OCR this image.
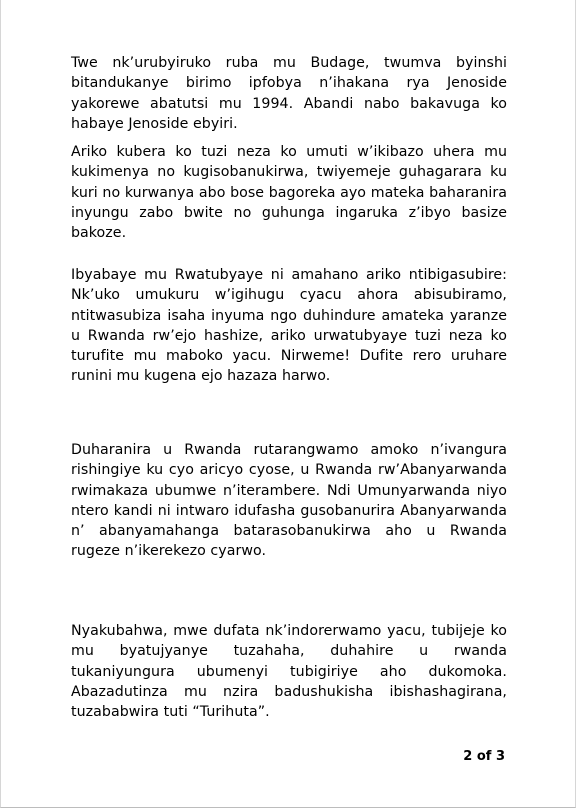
Twe nk’urubyiruko ruba mu Budage, twumva byinshi bitandukanye birimo ipfobya n’ihakana rya Jenoside yakorewe abatutsi mu 1994. Abandi nabo bakavuga ko habaye Jenoside ebyiri.

Ariko kubera ko tuzi neza ko umuti w’ikibazo uhera mu kukimenya no kugisobanukirwa, twiyemeje guhagarara ku kuri no kurwanya abo bose bagoreka ayo mateka baharanira inyungu zabo bwite no guhunga ingaruka z’ibyo basize bakoze.

Ibyabaye mu Rwatubyaye ni amahano ariko ntibigasubire: Nk’uko umukuru w’igihugu cyacu ahora abisubiramo, ntitwasubiza isaha inyuma ngo duhindure amateka yaranze u Rwanda rw’ejo hashize, ariko urwatubyaye tuzi neza ko turufite mu maboko yacu. Nirweme! Dufite rero uruhare runini mu kugena ejo hazaza harwo.

Duharanira u Rwanda rutarangwamo amoko n’ivangura rishingiye ku cyo aricyo cyose, u Rwanda rw’Abanyarwanda rwimakaza ubumwe n’iterambere. Ndi Umunyarwanda niyo ntero kandi ni intwaro idufasha gusobanurira Abanyarwanda n’ abanyamahanga batarasobanukirwa aho u Rwanda rugeze n’ikerekezo cyarwo.

Nyakubahwa, mwe dufata nk’indorerwamo yacu, tubijeje ko mu byatujyanye tuzahaha, duhahire u rwanda tukaniyungura ubumenyi tubigiriye aho dukomoka. Abazadutinza mu nzira badushukisha ibishashagirana, tuzababwira tuti “Turihuta”.

2 of 3
